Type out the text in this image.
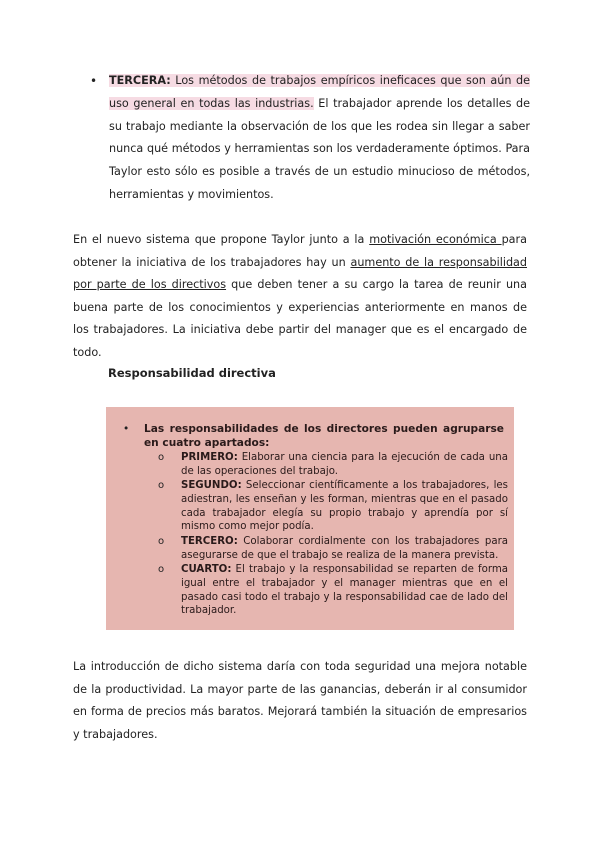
•	TERCERA: Los métodos de trabajos empíricos ineficaces que son aún de uso general en todas las industrias. El trabajador aprende los detalles de su trabajo mediante la observación de los que les rodea sin llegar a saber nunca qué métodos y herramientas son los verdaderamente óptimos. Para Taylor esto sólo es posible a través de un estudio minucioso de métodos, herramientas y movimientos.

En el nuevo sistema que propone Taylor junto a la motivación económica para obtener la iniciativa de los trabajadores hay un aumento de la responsabilidad por parte de los directivos que deben tener a su cargo la tarea de reunir una buena parte de los conocimientos y experiencias anteriormente en manos de los trabajadores. La iniciativa debe partir del manager que es el encargado de todo.

Responsabilidad directiva
• Las responsabilidades de los directores pueden agruparse en cuatro apartados:
o PRIMERO: Elaborar una ciencia para la ejecución de cada una de las operaciones del trabajo.
o SEGUNDO: Seleccionar científicamente a los trabajadores, les adiestran, les enseñan y les forman, mientras que en el pasado cada trabajador elegía su propio trabajo y aprendía por sí mismo como mejor podía.
o TERCERO: Colaborar cordialmente con los trabajadores para asegurarse de que el trabajo se realiza de la manera prevista.
o CUARTO: El trabajo y la responsabilidad se reparten de forma igual entre el trabajador y el manager mientras que en el pasado casi todo el trabajo y la responsabilidad cae de lado del trabajador.

La introducción de dicho sistema daría con toda seguridad una mejora notable de la productividad. La mayor parte de las ganancias, deberán ir al consumidor en forma de precios más baratos. Mejorará también la situación de empresarios y trabajadores.
